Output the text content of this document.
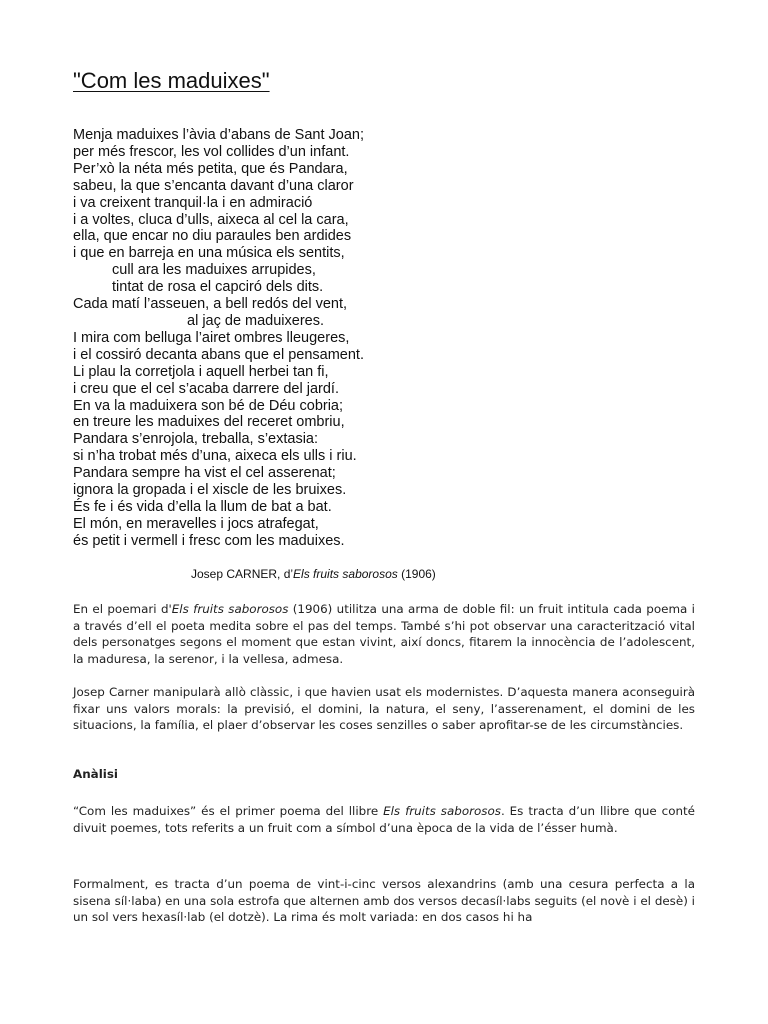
"Com les maduixes"
Menja maduixes l’àvia d’abans de Sant Joan;
per més frescor, les vol collides d’un infant.
Per’xò la néta més petita, que és Pandara,
sabeu, la que s’encanta davant d’una claror
i va creixent tranquil·la i en admiració
i a voltes, cluca d’ulls, aixeca al cel la cara,
ella, que encar no diu paraules ben ardides
i que en barreja en una música els sentits,
cull ara les maduixes arrupides,
tintat de rosa el capciró dels dits.
Cada matí l’asseuen, a bell redós del vent,
al jaç de maduixeres.
I mira com belluga l’airet ombres lleugeres,
i el cossiró decanta abans que el pensament.
Li plau la corretjola i aquell herbei tan fi,
i creu que el cel s’acaba darrere del jardí.
En va la maduixera son bé de Déu cobria;
en treure les maduixes del receret ombriu,
Pandara s’enrojola, treballa, s’extasia:
si n’ha trobat més d’una, aixeca els ulls i riu.
Pandara sempre ha vist el cel asserenat;
ignora la gropada i el xiscle de les bruixes.
És fe i és vida d’ella la llum de bat a bat.
El món, en meravelles i jocs atrafegat,
és petit i vermell i fresc com les maduixes.
Josep CARNER, d’Els fruits saborosos (1906)

En el poemari d'Els fruits saborosos (1906) utilitza una arma de doble fil: un fruit intitula cada poema i a través d’ell el poeta medita sobre el pas del temps. També s’hi pot observar una caracterització vital dels personatges segons el moment que estan vivint, així doncs, fitarem la innocència de l’adolescent, la maduresa, la serenor, i la vellesa, admesa.

Josep Carner manipularà allò clàssic, i que havien usat els modernistes. D’aquesta manera aconseguirà fixar uns valors morals: la previsió, el domini, la natura, el seny, l’asserenament, el domini de les situacions, la família, el plaer d’observar les coses senzilles o saber aprofitar-se de les circumstàncies.

Anàlisi

“Com les maduixes” és el primer poema del llibre Els fruits saborosos. Es tracta d’un llibre que conté divuit poemes, tots referits a un fruit com a símbol d’una època de la vida de l’ésser humà.

Formalment, es tracta d’un poema de vint-i-cinc versos alexandrins (amb una cesura perfecta a la sisena síl·laba) en una sola estrofa que alternen amb dos versos decasíl·labs seguits (el novè i el desè) i un sol vers hexasíl·lab (el dotzè). La rima és molt variada: en dos casos hi ha
